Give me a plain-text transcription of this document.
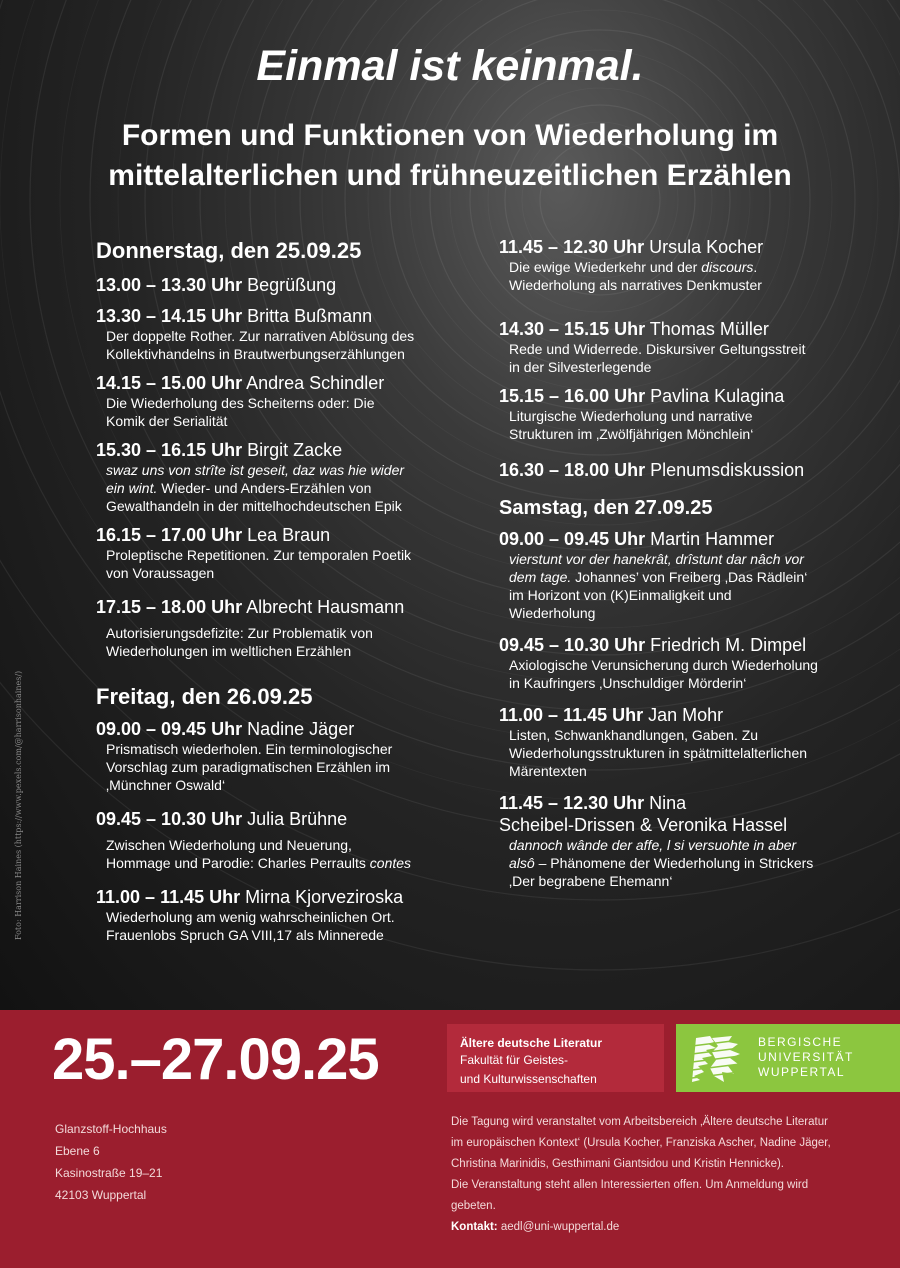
Foto: Harrison Haines (https://www.pexels.com/@harrisonhaines/)
Einmal ist keinmal.
Formen und Funktionen von Wiederholung im
mittelalterlichen und frühneuzeitlichen Erzählen
Donnerstag, den 25.09.25
13.00 – 13.30 Uhr Begrüßung
13.30 – 14.15 Uhr Britta Bußmann
Der doppelte Rother. Zur narrativen Ablösung des
Kollektivhandelns in Brautwerbungserzählungen
14.15 – 15.00 Uhr Andrea Schindler
Die Wiederholung des Scheiterns oder: Die
Komik der Serialität
15.30 – 16.15 Uhr Birgit Zacke
swaz uns von strîte ist geseit, daz was hie wider
ein wint. Wieder- und Anders-Erzählen von
Gewalthandeln in der mittelhochdeutschen Epik
16.15 – 17.00 Uhr Lea Braun
Proleptische Repetitionen. Zur temporalen Poetik
von Voraussagen
17.15 – 18.00 Uhr Albrecht Hausmann
Autorisierungsdefizite: Zur Problematik von
Wiederholungen im weltlichen Erzählen
Freitag, den 26.09.25
09.00 – 09.45 Uhr Nadine Jäger
Prismatisch wiederholen. Ein terminologischer
Vorschlag zum paradigmatischen Erzählen im
‚Münchner Oswald‘
09.45 – 10.30 Uhr Julia Brühne
Zwischen Wiederholung und Neuerung,
Hommage und Parodie: Charles Perraults contes
11.00 – 11.45 Uhr Mirna Kjorveziroska
Wiederholung am wenig wahrscheinlichen Ort.
Frauenlobs Spruch GA VIII,17 als Minnerede
11.45 – 12.30 Uhr Ursula Kocher
Die ewige Wiederkehr und der discours.
Wiederholung als narratives Denkmuster
14.30 – 15.15 Uhr Thomas Müller
Rede und Widerrede. Diskursiver Geltungsstreit
in der Silvesterlegende
15.15 – 16.00 Uhr Pavlina Kulagina
Liturgische Wiederholung und narrative
Strukturen im ‚Zwölfjährigen Mönchlein‘
16.30 – 18.00 Uhr Plenumsdiskussion
Samstag, den 27.09.25
09.00 – 09.45 Uhr Martin Hammer
vierstunt vor der hanekrât, drîstunt dar nâch vor
dem tage. Johannes’ von Freiberg ‚Das Rädlein‘
im Horizont von (K)Einmaligkeit und
Wiederholung
09.45 – 10.30 Uhr Friedrich M. Dimpel
Axiologische Verunsicherung durch Wiederholung
in Kaufringers ‚Unschuldiger Mörderin‘
11.00 – 11.45 Uhr Jan Mohr
Listen, Schwankhandlungen, Gaben. Zu
Wiederholungsstrukturen in spätmittelalterlichen
Märentexten
11.45 – 12.30 Uhr Nina
Scheibel-Drissen & Veronika Hassel
dannoch wânde der affe, l si versuohte in aber
alsô – Phänomene der Wiederholung in Strickers
‚Der begrabene Ehemann‘
25.–27.09.25
Glanzstoff-Hochhaus
Ebene 6
Kasinostraße 19–21
42103 Wuppertal
Ältere deutsche Literatur
Fakultät für Geistes-
und Kulturwissenschaften
BERGISCHE
UNIVERSITÄT
WUPPERTAL
Die Tagung wird veranstaltet vom Arbeitsbereich ‚Ältere deutsche Literatur
im europäischen Kontext‘ (Ursula Kocher, Franziska Ascher, Nadine Jäger,
Christina Marinidis, Gesthimani Giantsidou und Kristin Hennicke).
Die Veranstaltung steht allen Interessierten offen. Um Anmeldung wird
gebeten.
Kontakt: aedl@uni-wuppertal.de
